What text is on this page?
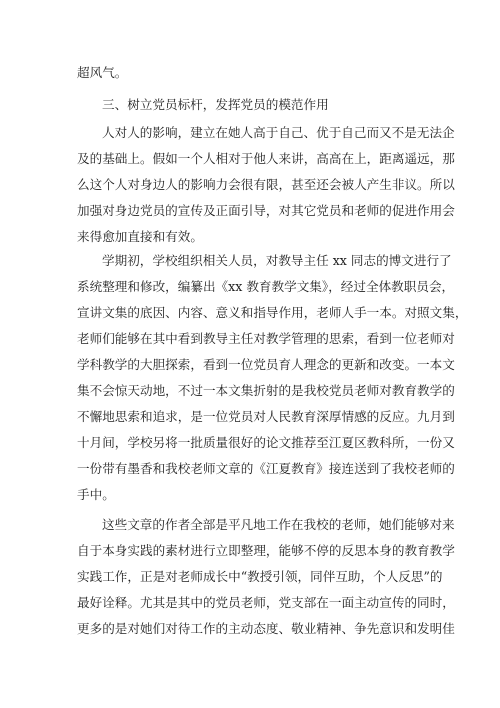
超风气。
三、树立党员标杆，发挥党员的模范作用
人对人的影响，建立在她人高于自己、优于自己而又不是无法企
及的基础上。假如一个人相对于他人来讲，高高在上，距离遥远，那
么这个人对身边人的影响力会很有限，甚至还会被人产生非议。所以
加强对身边党员的宣传及正面引导，对其它党员和老师的促进作用会
来得愈加直接和有效。
学期初，学校组织相关人员，对教导主任 xx 同志的博文进行了
系统整理和修改，编纂出《xx 教育教学文集》，经过全体教职员会，
宣讲文集的底因、内容、意义和指导作用，老师人手一本。对照文集，
老师们能够在其中看到教导主任对教学管理的思索，看到一位老师对
学科教学的大胆探索，看到一位党员育人理念的更新和改变。一本文
集不会惊天动地，不过一本文集折射的是我校党员老师对教育教学的
不懈地思索和追求，是一位党员对人民教育深厚情感的反应。九月到
十月间，学校另将一批质量很好的论文推荐至江夏区教科所，一份又
一份带有墨香和我校老师文章的《江夏教育》接连送到了我校老师的
手中。
这些文章的作者全部是平凡地工作在我校的老师，她们能够对来
自于本身实践的素材进行立即整理，能够不停的反思本身的教育教学
实践工作，正是对老师成长中“教授引领，同伴互助，个人反思”的
最好诠释。尤其是其中的党员老师，党支部在一面主动宣传的同时，
更多的是对她们对待工作的主动态度、敬业精神、争先意识和发明佳
